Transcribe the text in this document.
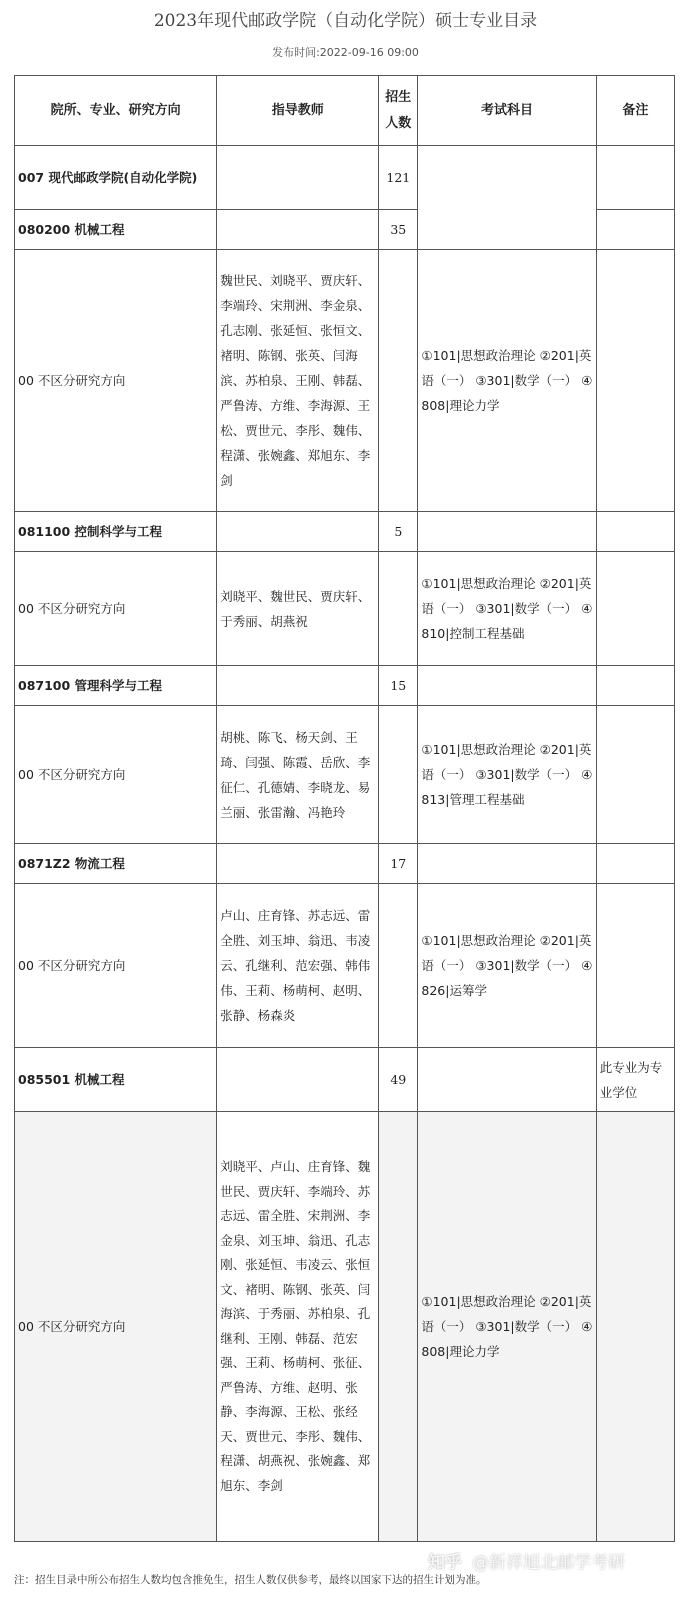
2023年现代邮政学院（自动化学院）硕士专业目录
发布时间:2022-09-16 09:00
院所、专业、研究方向	指导教师	招生人数	考试科目	备注
007 现代邮政学院(自动化学院)		121		
080200 机械工程		35		
00 不区分研究方向	魏世民、刘晓平、贾庆轩、李端玲、宋荆洲、李金泉、孔志刚、张延恒、张恒文、褚明、陈钢、张英、闫海滨、苏柏泉、王刚、韩磊、严鲁涛、方维、李海源、王松、贾世元、李彤、魏伟、程潇、张婉鑫、郑旭东、李剑		①101|思想政治理论 ②201|英语（一） ③301|数学（一） ④808|理论力学	
081100 控制科学与工程		5		
00 不区分研究方向	刘晓平、魏世民、贾庆轩、于秀丽、胡燕祝		①101|思想政治理论 ②201|英语（一） ③301|数学（一） ④810|控制工程基础	
087100 管理科学与工程		15		
00 不区分研究方向	胡桃、陈飞、杨天剑、王琦、闫强、陈霞、岳欣、李征仁、孔德婧、李晓龙、易兰丽、张雷瀚、冯艳玲		①101|思想政治理论 ②201|英语（一） ③301|数学（一） ④813|管理工程基础	
0871Z2 物流工程		17		
00 不区分研究方向	卢山、庄育锋、苏志远、雷全胜、刘玉坤、翁迅、韦凌云、孔继利、范宏强、韩伟伟、王莉、杨萌柯、赵明、张静、杨森炎		①101|思想政治理论 ②201|英语（一） ③301|数学（一） ④826|运筹学	
085501 机械工程		49		此专业为专业学位
00 不区分研究方向	刘晓平、卢山、庄育锋、魏世民、贾庆轩、李端玲、苏志远、雷全胜、宋荆洲、李金泉、刘玉坤、翁迅、孔志刚、张延恒、韦凌云、张恒文、褚明、陈钢、张英、闫海滨、于秀丽、苏柏泉、孔继利、王刚、韩磊、范宏强、王莉、杨萌柯、张征、严鲁涛、方维、赵明、张静、李海源、王松、张经天、贾世元、李彤、魏伟、程潇、胡燕祝、张婉鑫、郑旭东、李剑		①101|思想政治理论 ②201|英语（一） ③301|数学（一） ④808|理论力学	
知乎 @新祥旭北邮学考研
注：招生目录中所公布招生人数均包含推免生，招生人数仅供参考，最终以国家下达的招生计划为准。
